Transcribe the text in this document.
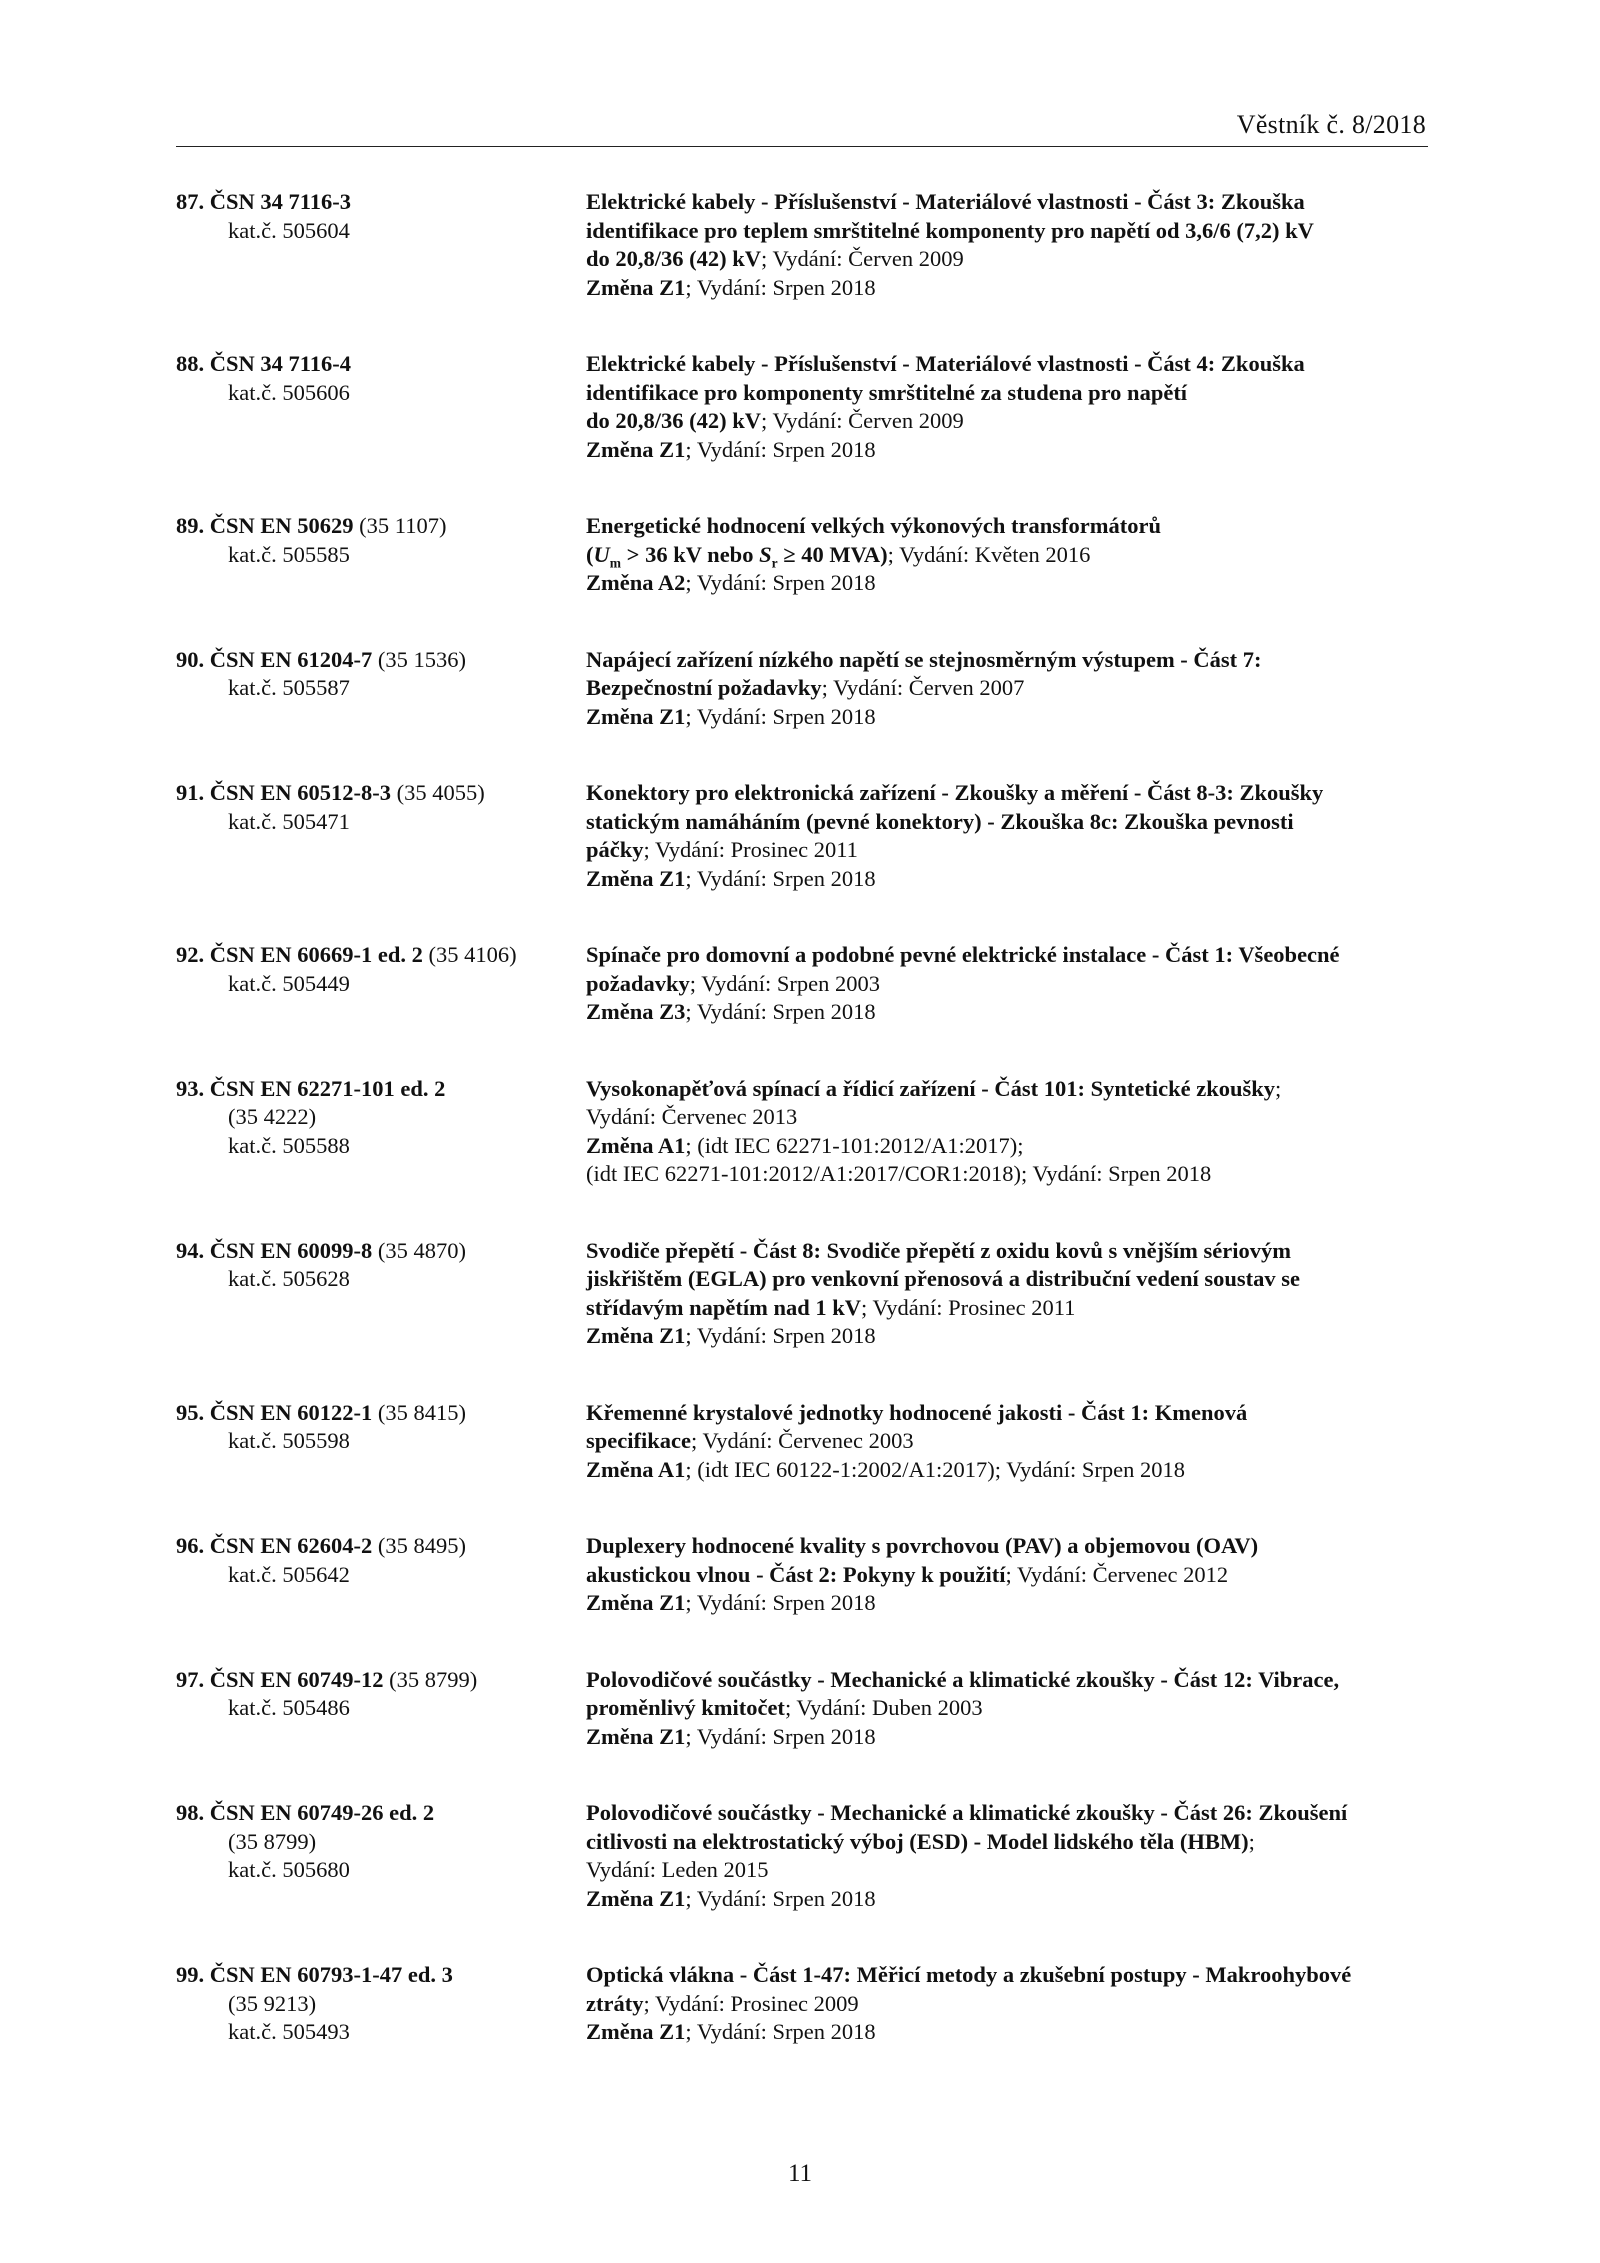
Věstník č. 8/2018
87. ČSN 34 7116-3
kat.č. 505604
Elektrické kabely - Příslušenství - Materiálové vlastnosti - Část 3: Zkouška
identifikace pro teplem smrštitelné komponenty pro napětí od 3,6/6 (7,2) kV
do 20,8/36 (42) kV; Vydání: Červen 2009
Změna Z1; Vydání: Srpen 2018
88. ČSN 34 7116-4
kat.č. 505606
Elektrické kabely - Příslušenství - Materiálové vlastnosti - Část 4: Zkouška
identifikace pro komponenty smrštitelné za studena pro napětí
do 20,8/36 (42) kV; Vydání: Červen 2009
Změna Z1; Vydání: Srpen 2018
89. ČSN EN 50629 (35 1107)
kat.č. 505585
Energetické hodnocení velkých výkonových transformátorů
($U_m > 36$ kV nebo $S_r \ge 40$ MVA); Vydání: Květen 2016
Změna A2; Vydání: Srpen 2018
90. ČSN EN 61204-7 (35 1536)
kat.č. 505587
Napájecí zařízení nízkého napětí se stejnosměrným výstupem - Část 7:
Bezpečnostní požadavky; Vydání: Červen 2007
Změna Z1; Vydání: Srpen 2018
91. ČSN EN 60512-8-3 (35 4055)
kat.č. 505471
Konektory pro elektronická zařízení - Zkoušky a měření - Část 8-3: Zkoušky
statickým namáháním (pevné konektory) - Zkouška 8c: Zkouška pevnosti
páčky; Vydání: Prosinec 2011
Změna Z1; Vydání: Srpen 2018
92. ČSN EN 60669-1 ed. 2 (35 4106)
kat.č. 505449
Spínače pro domovní a podobné pevné elektrické instalace - Část 1: Všeobecné
požadavky; Vydání: Srpen 2003
Změna Z3; Vydání: Srpen 2018
93. ČSN EN 62271-101 ed. 2
(35 4222)
kat.č. 505588
Vysokonapěťová spínací a řídicí zařízení - Část 101: Syntetické zkoušky;
Vydání: Červenec 2013
Změna A1; (idt IEC 62271-101:2012/A1:2017);
(idt IEC 62271-101:2012/A1:2017/COR1:2018); Vydání: Srpen 2018
94. ČSN EN 60099-8 (35 4870)
kat.č. 505628
Svodiče přepětí - Část 8: Svodiče přepětí z oxidu kovů s vnějším sériovým
jiskřištěm (EGLA) pro venkovní přenosová a distribuční vedení soustav se
střídavým napětím nad 1 kV; Vydání: Prosinec 2011
Změna Z1; Vydání: Srpen 2018
95. ČSN EN 60122-1 (35 8415)
kat.č. 505598
Křemenné krystalové jednotky hodnocené jakosti - Část 1: Kmenová
specifikace; Vydání: Červenec 2003
Změna A1; (idt IEC 60122-1:2002/A1:2017); Vydání: Srpen 2018
96. ČSN EN 62604-2 (35 8495)
kat.č. 505642
Duplexery hodnocené kvality s povrchovou (PAV) a objemovou (OAV)
akustickou vlnou - Část 2: Pokyny k použití; Vydání: Červenec 2012
Změna Z1; Vydání: Srpen 2018
97. ČSN EN 60749-12 (35 8799)
kat.č. 505486
Polovodičové součástky - Mechanické a klimatické zkoušky - Část 12: Vibrace,
proměnlivý kmitočet; Vydání: Duben 2003
Změna Z1; Vydání: Srpen 2018
98. ČSN EN 60749-26 ed. 2
(35 8799)
kat.č. 505680
Polovodičové součástky - Mechanické a klimatické zkoušky - Část 26: Zkoušení
citlivosti na elektrostatický výboj (ESD) - Model lidského těla (HBM);
Vydání: Leden 2015
Změna Z1; Vydání: Srpen 2018
99. ČSN EN 60793-1-47 ed. 3
(35 9213)
kat.č. 505493
Optická vlákna - Část 1-47: Měřicí metody a zkušební postupy - Makroohybové
ztráty; Vydání: Prosinec 2009
Změna Z1; Vydání: Srpen 2018
11
